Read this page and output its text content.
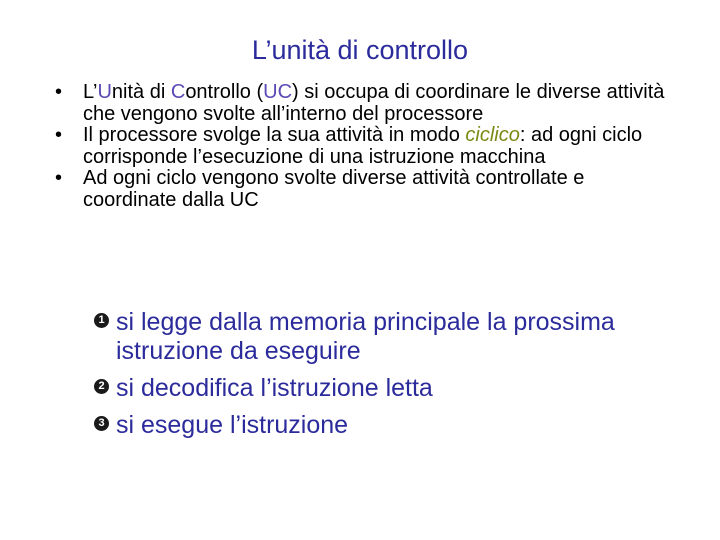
L’unità di controllo
• L’Unità di Controllo (UC) si occupa di coordinare le diverse attività che vengono svolte all’interno del processore
• Il processore svolge la sua attività in modo ciclico: ad ogni ciclo corrisponde l’esecuzione di una istruzione macchina
• Ad ogni ciclo vengono svolte diverse attività controllate e coordinate dalla UC
1 si legge dalla memoria principale la prossima istruzione da eseguire
2 si decodifica l’istruzione letta
3 si esegue l’istruzione
